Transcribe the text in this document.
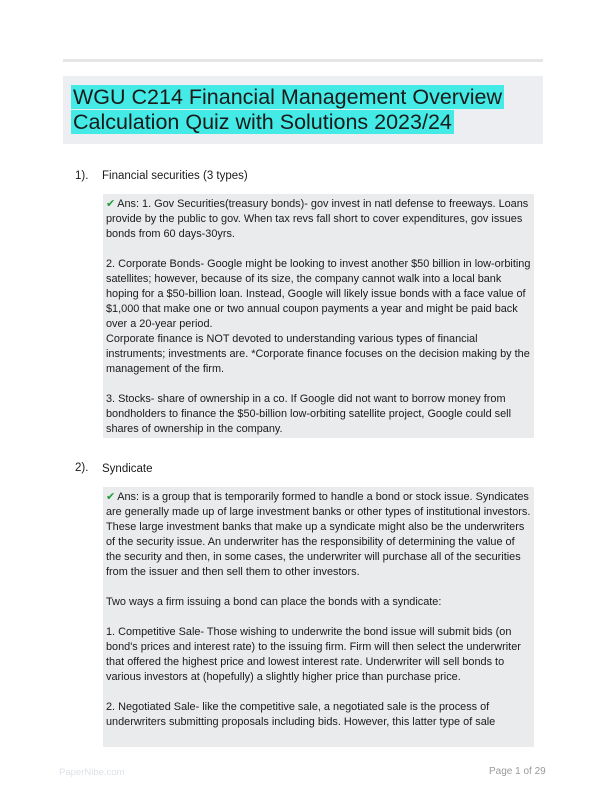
WGU C214 Financial Management Overview Calculation Quiz with Solutions 2023/24
1). Financial securities (3 types)

✔ Ans: 1. Gov Securities(treasury bonds)- gov invest in natl defense to freeways. Loans provide by the public to gov. When tax revs fall short to cover expenditures, gov issues bonds from 60 days-30yrs.

2. Corporate Bonds- Google might be looking to invest another $50 billion in low-orbiting satellites; however, because of its size, the company cannot walk into a local bank hoping for a $50-billion loan. Instead, Google will likely issue bonds with a face value of $1,000 that make one or two annual coupon payments a year and might be paid back over a 20-year period.

Corporate finance is NOT devoted to understanding various types of financial instruments; investments are. *Corporate finance focuses on the decision making by the management of the firm.

3. Stocks- share of ownership in a co. If Google did not want to borrow money from bondholders to finance the $50-billion low-orbiting satellite project, Google could sell shares of ownership in the company.

2). Syndicate

✔ Ans: is a group that is temporarily formed to handle a bond or stock issue. Syndicates are generally made up of large investment banks or other types of institutional investors. These large investment banks that make up a syndicate might also be the underwriters of the security issue. An underwriter has the responsibility of determining the value of the security and then, in some cases, the underwriter will purchase all of the securities from the issuer and then sell them to other investors.

Two ways a firm issuing a bond can place the bonds with a syndicate:

1. Competitive Sale- Those wishing to underwrite the bond issue will submit bids (on bond's prices and interest rate) to the issuing firm. Firm will then select the underwriter that offered the highest price and lowest interest rate. Underwriter will sell bonds to various investors at (hopefully) a slightly higher price than purchase price.

2. Negotiated Sale- like the competitive sale, a negotiated sale is the process of underwriters submitting proposals including bids. However, this latter type of sale

PaperNibe.com	Page 1 of 29
